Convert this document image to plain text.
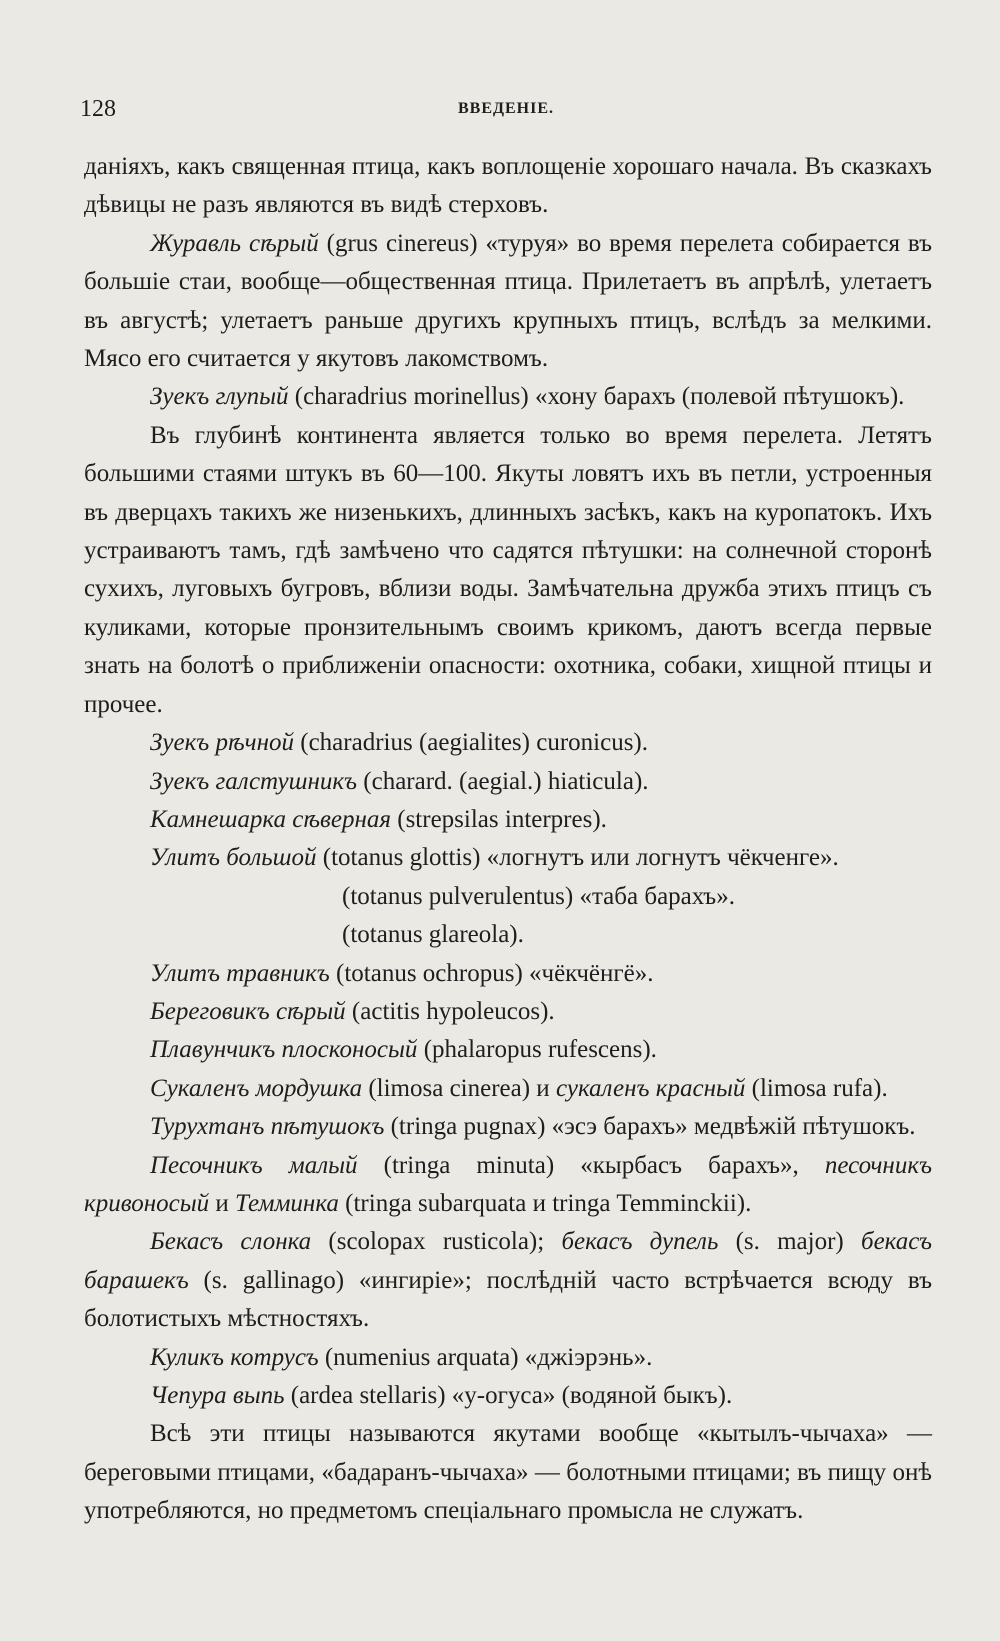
128	ВВЕДЕНІЕ.

даніяхъ, какъ священная птица, какъ воплощеніе хорошаго начала. Въ сказкахъ дѣвицы не разъ являются въ видѣ стерховъ.

Журавль сѣрый (grus cinereus) «туруя» во время перелета собирается въ большіе стаи, вообще—общественная птица. Прилетаетъ въ апрѣлѣ, улетаетъ въ августѣ; улетаетъ раньше другихъ крупныхъ птицъ, вслѣдъ за мелкими. Мясо его считается у якутовъ лакомствомъ.

Зуекъ глупый (charadrius morinellus) «хону барахъ (полевой пѣтушокъ).

Въ глубинѣ континента является только во время перелета. Летятъ большими стаями штукъ въ 60—100. Якуты ловятъ ихъ въ петли, устроенныя въ дверцахъ такихъ же низенькихъ, длинныхъ засѣкъ, какъ на куропатокъ. Ихъ устраиваютъ тамъ, гдѣ замѣчено что садятся пѣтушки: на солнечной сторонѣ сухихъ, луговыхъ бугровъ, вблизи воды. Замѣчательна дружба этихъ птицъ съ куликами, которые пронзительнымъ своимъ крикомъ, даютъ всегда первые знать на болотѣ о приближеніи опасности: охотника, собаки, хищной птицы и прочее.

Зуекъ рѣчной (charadrius (aegialites) curonicus).

Зуекъ галстушникъ (charard. (aegial.) hiaticula).

Камнешарка сѣверная (strepsilas interpres).

Улитъ большой (totanus glottis) «логнутъ или логнутъ чёкченге».

(totanus pulverulentus) «таба барахъ».

(totanus glareola).

Улитъ травникъ (totanus ochropus) «чёкчёнгё».

Береговикъ сѣрый (actitis hypoleucos).

Плавунчикъ плосконосый (phalaropus rufescens).

Сукаленъ мордушка (limosa cinerea) и сукаленъ красный (limosa rufa).

Турухтанъ пѣтушокъ (tringa pugnax) «эсэ барахъ» медвѣжій пѣтушокъ.

Песочникъ малый (tringa minuta) «кырбасъ барахъ», песочникъ кривоносый и Темминка (tringa subarquata и tringa Temminckii).

Бекасъ слонка (scolopax rusticola); бекасъ дупель (s. major) бекасъ барашекъ (s. gallinago) «ингиріе»; послѣдній часто встрѣчается всюду въ болотистыхъ мѣстностяхъ.

Куликъ котрусъ (numenius arquata) «джіэрэнь».

Чепура выпь (ardea stellaris) «у-огуса» (водяной быкъ).

Всѣ эти птицы называются якутами вообще «кытылъ-чычаха» — береговыми птицами, «бадаранъ-чычаха» — болотными птицами; въ пищу онѣ употребляются, но предметомъ спеціальнаго промысла не служатъ.
